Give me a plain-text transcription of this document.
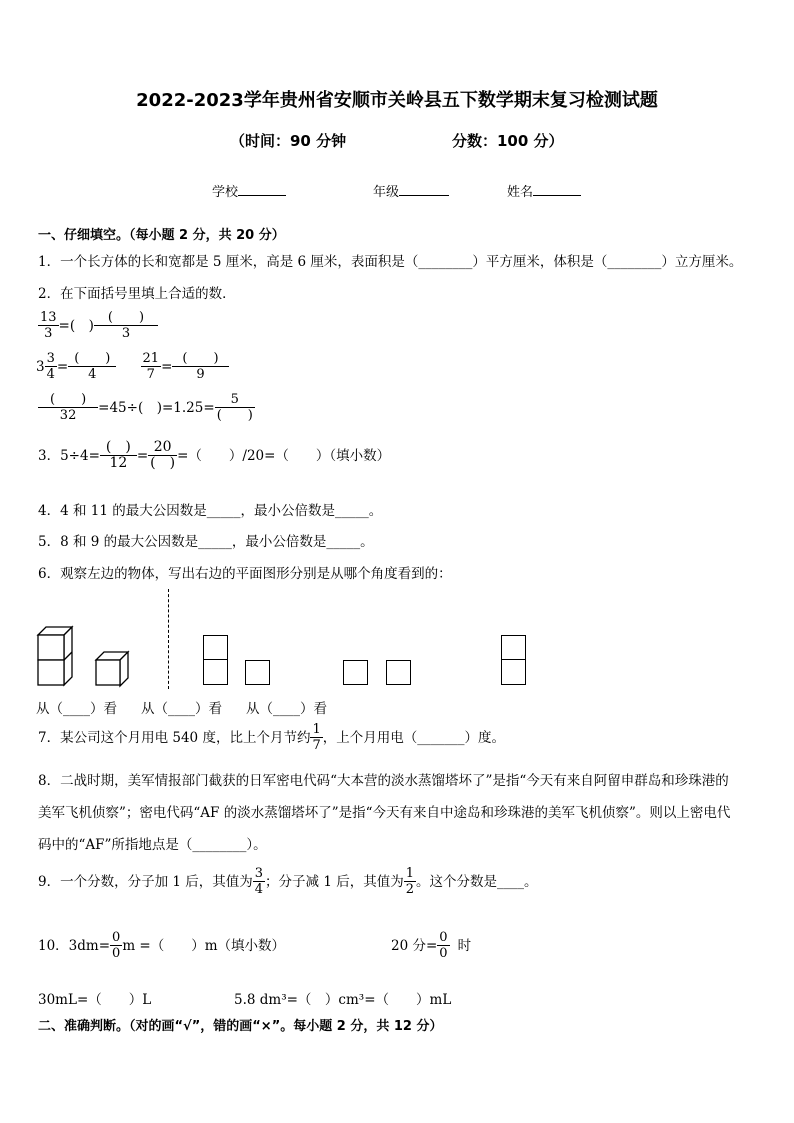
2022-2023学年贵州省安顺市关岭县五下数学期末复习检测试题
（时间：90 分钟	分数：100 分）
学校	年级	姓名
一、仔细填空。（每小题 2 分，共 20 分）
1．一个长方体的长和宽都是 5 厘米，高是 6 厘米，表面积是（________）平方厘米，体积是（________）立方厘米。
2．在下面括号里填上合适的数．
$\frac{13}{3}$ =(　) $\frac{( )}{3}$
$3 \frac{3}{4} = \frac{( )}{4}$
$\frac{21}{7} = \frac{( )}{9}$
$\frac{( )}{32} =45\div$(　)$=1.25= \frac{5}{( )}$
3．$5\div 4= \frac{( )}{12} = \frac{20}{( )}$ =（　　）/20=（　　）（填小数）
4．4 和 11 的最大公因数是_____，最小公倍数是_____。
5．8 和 9 的最大公因数是_____，最小公倍数是_____。
6．观察左边的物体，写出右边的平面图形分别是从哪个角度看到的：
从（____）看 从（____）看 从（____）看
7．某公司这个月用电 540 度，比上个月节约 $\frac{1}{7}$ ，上个月用电（_______）度。
8．二战时期，美军情报部门截获的日军密电代码“大本营的淡水蒸馏塔坏了”是指“今天有来自阿留申群岛和珍珠港的
美军飞机侦察”；密电代码“AF 的淡水蒸馏塔坏了”是指“今天有来自中途岛和珍珠港的美军飞机侦察”。则以上密电代
码中的“AF”所指地点是（________）。
9．一个分数，分子加 1 后，其值为 $\frac{3}{4}$ ；分子减 1 后，其值为 $\frac{1}{2}$ 。这个分数是____。
10．$3dm= \frac{0}{0}$ m =（　　）m（填小数）	20 分= $\frac{0}{0}$ 时
30mL=（　　）L	5.8 dm³=（　）cm³=（　　）mL
二、准确判断。（对的画“√”，错的画“×”。每小题 2 分，共 12 分）
